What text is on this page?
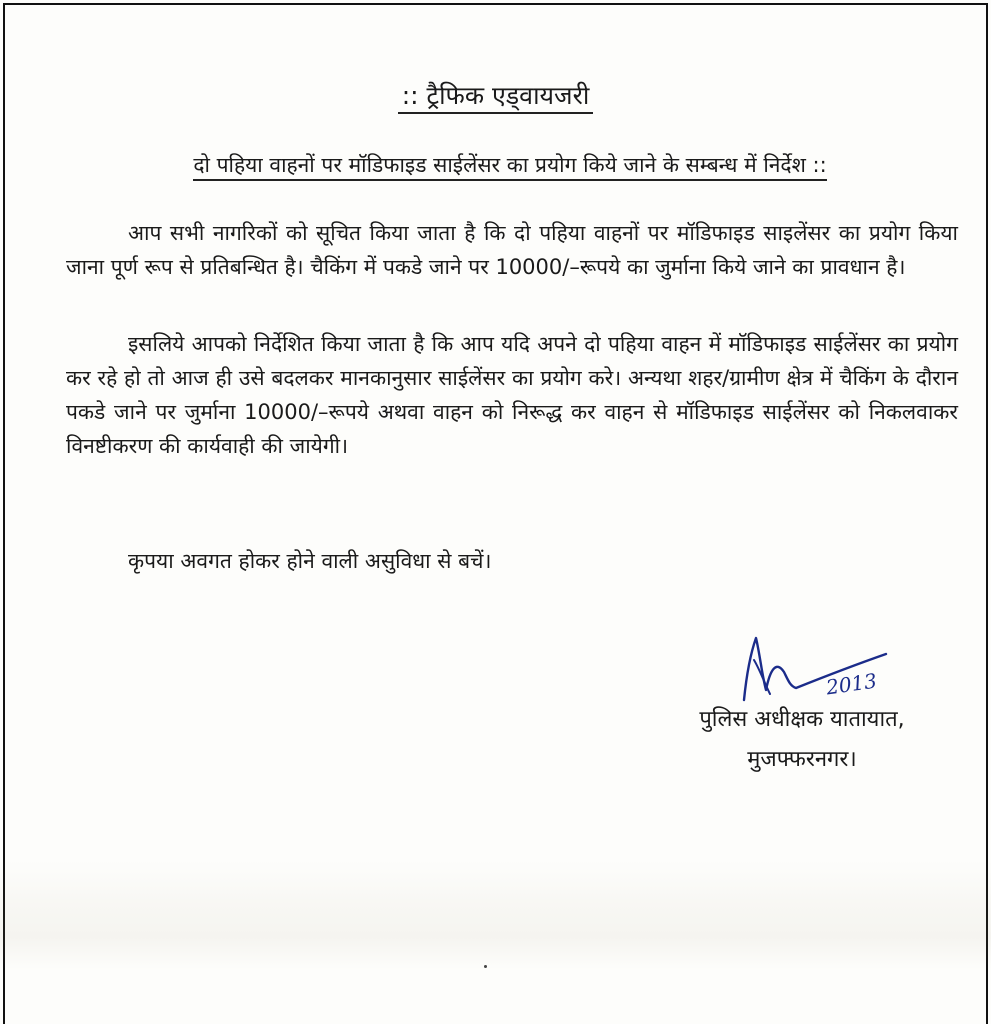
:: ट्रैफिक एड्वायजरी
दो पहिया वाहनों पर मॉडिफाइड साईलेंसर का प्रयोग किये जाने के सम्बन्ध में निर्देश ::
आप सभी नागरिकों को सूचित किया जाता है कि दो पहिया वाहनों पर मॉडिफाइड साइलेंसर का प्रयोग किया जाना पूर्ण रूप से प्रतिबन्धित है। चैकिंग में पकडे जाने पर 10000/–रूपये का जुर्माना किये जाने का प्रावधान है।
इसलिये आपको निर्देशित किया जाता है कि आप यदि अपने दो पहिया वाहन में मॉडिफाइड साईलेंसर का प्रयोग कर रहे हो तो आज ही उसे बदलकर मानकानुसार साईलेंसर का प्रयोग करे। अन्यथा शहर/ग्रामीण क्षेत्र में चैकिंग के दौरान पकडे जाने पर जुर्माना 10000/–रूपये अथवा वाहन को निरूद्ध कर वाहन से मॉडिफाइड साईलेंसर को निकलवाकर विनष्टीकरण की कार्यवाही की जायेगी।
कृपया अवगत होकर होने वाली असुविधा से बचें।
2013
पुलिस अधीक्षक यातायात,
मुजफ्फरनगर।
